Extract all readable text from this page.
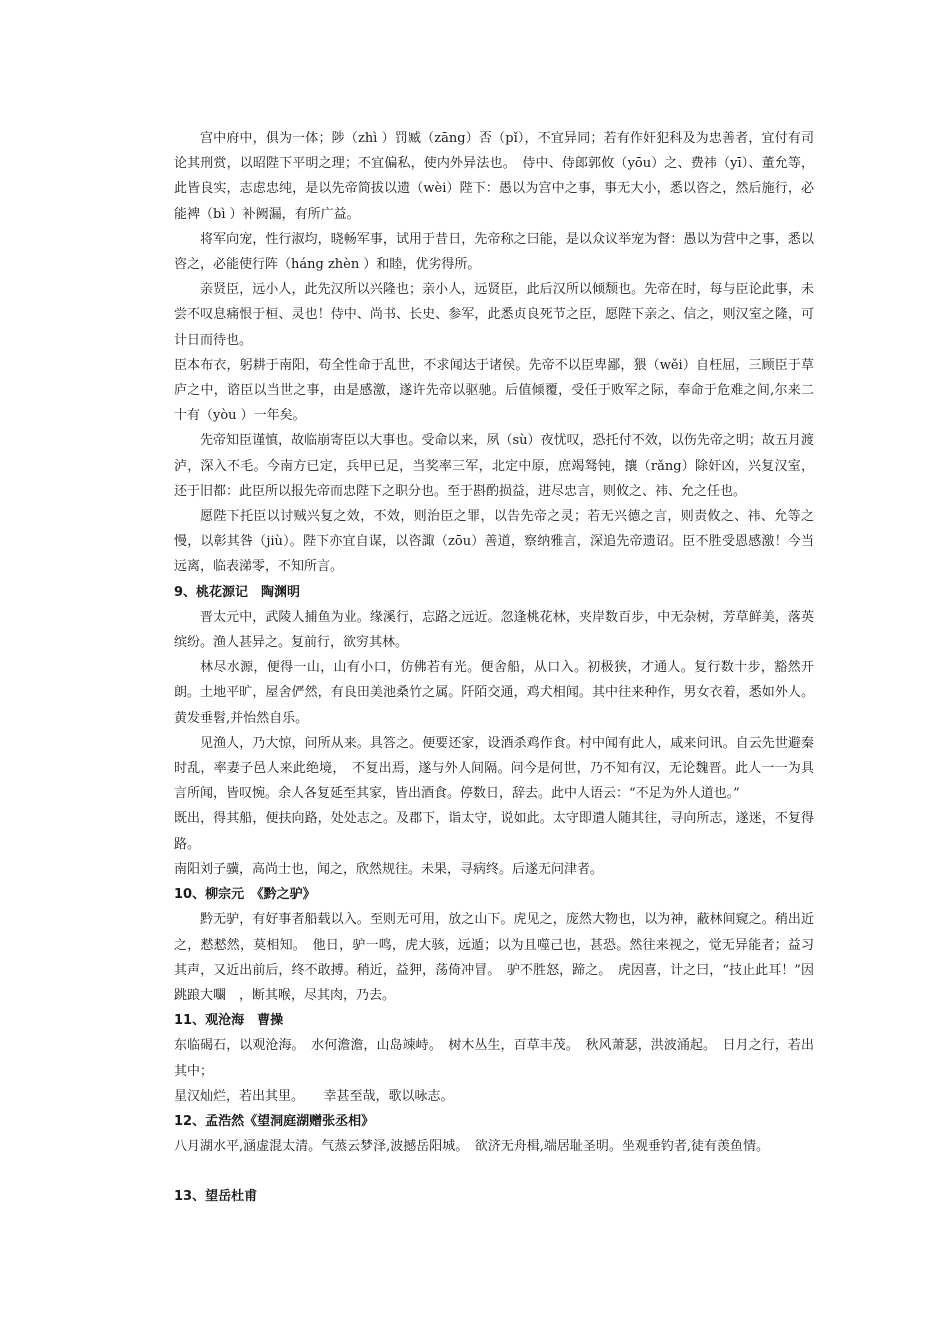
宫中府中，俱为一体；陟（zhì ）罚臧（zāng）否（pǐ），不宜异同；若有作奸犯科及为忠善者，宜付有司论其刑赏，以昭陛下平明之理；不宜偏私，使内外异法也。　侍中、侍郎郭攸（yōu）之、费祎（yī）、董允等，此皆良实，志虑忠纯，是以先帝简拔以遗（wèi）陛下：愚以为宫中之事，事无大小，悉以咨之，然后施行，必能裨（bì ）补阙漏，有所广益。

将军向宠，性行淑均，晓畅军事，试用于昔日，先帝称之曰能，是以众议举宠为督：愚以为营中之事，悉以咨之，必能使行阵（háng zhèn ）和睦，优劣得所。

亲贤臣，远小人，此先汉所以兴隆也；亲小人，远贤臣，此后汉所以倾颓也。先帝在时，每与臣论此事，未尝不叹息痛恨于桓、灵也！侍中、尚书、长史、参军，此悉贞良死节之臣，愿陛下亲之、信之，则汉室之隆，可计日而待也。

臣本布衣，躬耕于南阳，苟全性命于乱世，不求闻达于诸侯。先帝不以臣卑鄙，猥（wěi）自枉屈，三顾臣于草庐之中，谘臣以当世之事，由是感激，遂许先帝以驱驰。后值倾覆，受任于败军之际，奉命于危难之间,尔来二十有（yòu ）一年矣。

先帝知臣谨慎，故临崩寄臣以大事也。受命以来，夙（sù）夜忧叹，恐托付不效，以伤先帝之明；故五月渡泸，深入不毛。今南方已定，兵甲已足，当奖率三军，北定中原，庶竭驽钝，攘（rǎng）除奸凶，兴复汉室，还于旧都：此臣所以报先帝而忠陛下之职分也。至于斟酌损益，进尽忠言，则攸之、祎、允之任也。

愿陛下托臣以讨贼兴复之效，不效，则治臣之罪，以告先帝之灵；若无兴德之言，则责攸之、祎、允等之　慢，以彰其咎（jiù）。陛下亦宜自谋，以咨諏（zōu）善道，察纳雅言，深追先帝遗诏。臣不胜受恩感激！今当远离，临表涕零，不知所言。

9、桃花源记　陶渊明

晋太元中，武陵人捕鱼为业。缘溪行，忘路之远近。忽逢桃花林，夹岸数百步，中无杂树，芳草鲜美，落英缤纷。渔人甚异之。复前行，欲穷其林。

林尽水源，便得一山，山有小口，仿佛若有光。便舍船，从口入。初极狭，才通人。复行数十步，豁然开朗。土地平旷，屋舍俨然，有良田美池桑竹之属。阡陌交通，鸡犬相闻。其中往来种作，男女衣着，悉如外人。黄发垂髫,并怡然自乐。

见渔人，乃大惊，问所从来。具答之。便要还家，设酒杀鸡作食。村中闻有此人，咸来问讯。自云先世避秦时乱，率妻子邑人来此绝境，　不复出焉，遂与外人间隔。问今是何世，乃不知有汉，无论魏晋。此人一一为具言所闻，皆叹惋。余人各复延至其家，皆出酒食。停数日，辞去。此中人语云：“不足为外人道也。”

既出，得其船，便扶向路，处处志之。及郡下，诣太守，说如此。太守即遣人随其往，寻向所志，遂迷，不复得路。

南阳刘子骥，高尚士也，闻之，欣然规往。未果，寻病终。后遂无问津者。

10、柳宗元　《黔之驴》

黔无驴，有好事者船载以入。至则无可用，放之山下。虎见之，庞然大物也，以为神，蔽林间窥之。稍出近之，慭慭然，莫相知。　他日，驴一鸣，虎大骇，远遁；以为且噬己也，甚恐。然往来视之，觉无异能者；益习其声，又近出前后，终不敢搏。稍近，益狎，荡倚冲冒。　驴不胜怒，蹄之。　虎因喜，计之曰，“技止此耳！”因跳踉大㘚　，断其喉，尽其肉，乃去。

11、观沧海　曹操

东临碣石，以观沧海。　水何澹澹，山岛竦峙。　树木丛生，百草丰茂。　秋风萧瑟，洪波涌起。　日月之行，若出其中；

星汉灿烂，若出其里。　　幸甚至哉，歌以咏志。

12、孟浩然《望洞庭湖赠张丞相》

八月湖水平,涵虚混太清。气蒸云梦泽,波撼岳阳城。　欲济无舟楫,端居耻圣明。坐观垂钓者,徒有羡鱼情。

13、望岳杜甫
